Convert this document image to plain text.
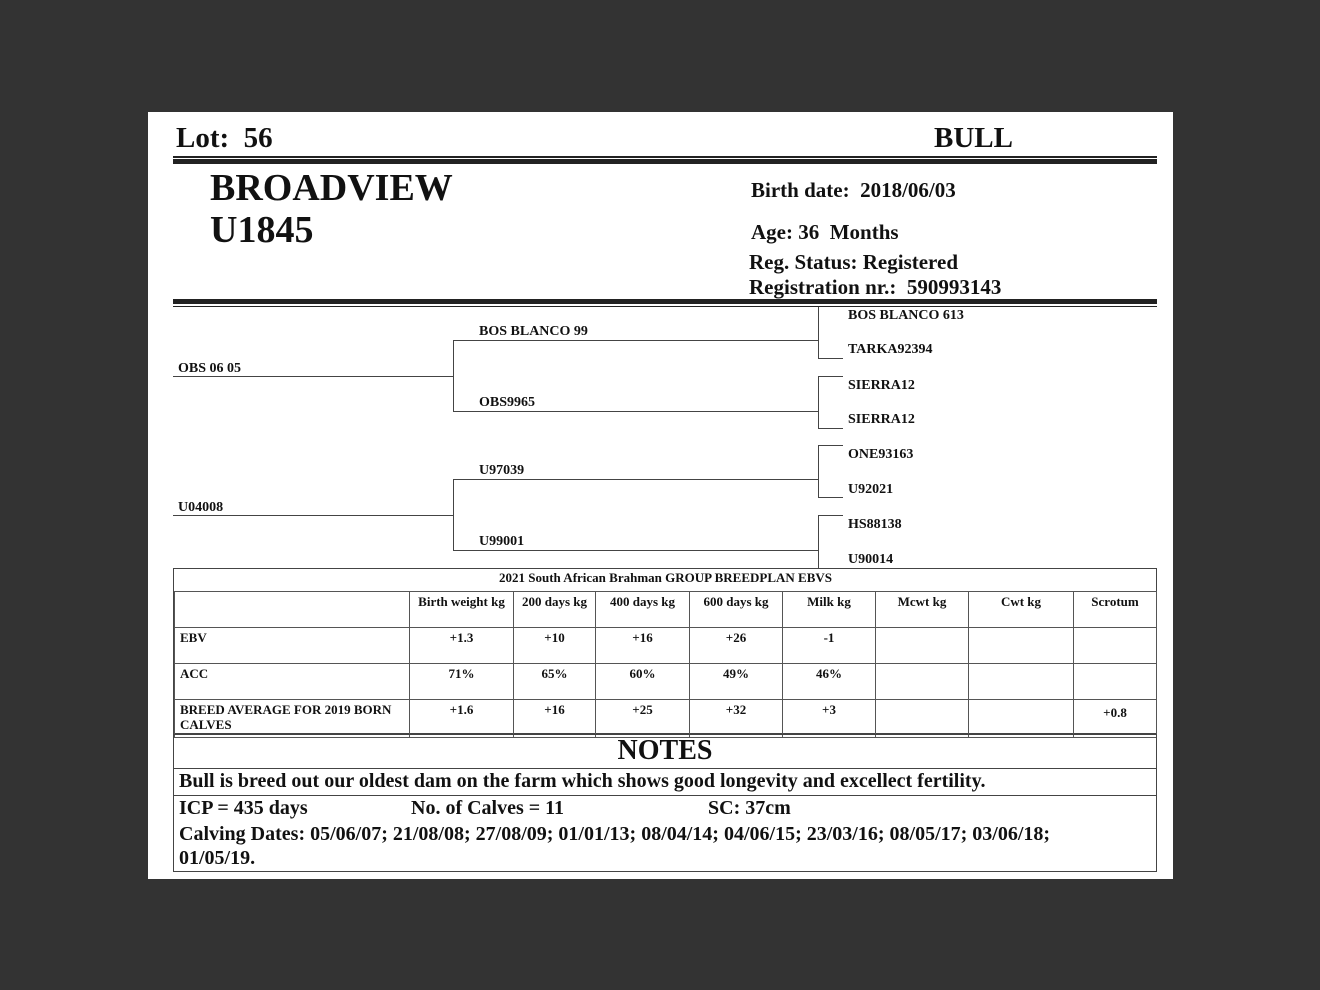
Lot: 56	BULL
BROADVIEW
U1845
Birth date: 2018/06/03
Age: 36 Months
Reg. Status: Registered
Registration nr.: 590993143
OBS 06 05
BOS BLANCO 99
OBS9965
BOS BLANCO 613
TARKA92394
SIERRA12
SIERRA12
U04008
U97039
U99001
ONE93163
U92021
HS88138
U90014
2021 South African Brahman GROUP BREEDPLAN EBVS								
	Birth weight kg	200 days kg	400 days kg	600 days kg	Milk kg	Mcwt kg	Cwt kg	Scrotum
EBV	+1.3	+10	+16	+26	-1			
ACC	71%	65%	60%	49%	46%			
BREED AVERAGE FOR 2019 BORN CALVES	+1.6	+16	+25	+32	+3			+0.8
NOTES
Bull is breed out our oldest dam on the farm which shows good longevity and excellect fertility.
ICP = 435 days	No. of Calves = 11	SC: 37cm
Calving Dates: 05/06/07; 21/08/08; 27/08/09; 01/01/13; 08/04/14; 04/06/15; 23/03/16; 08/05/17; 03/06/18;
01/05/19.
